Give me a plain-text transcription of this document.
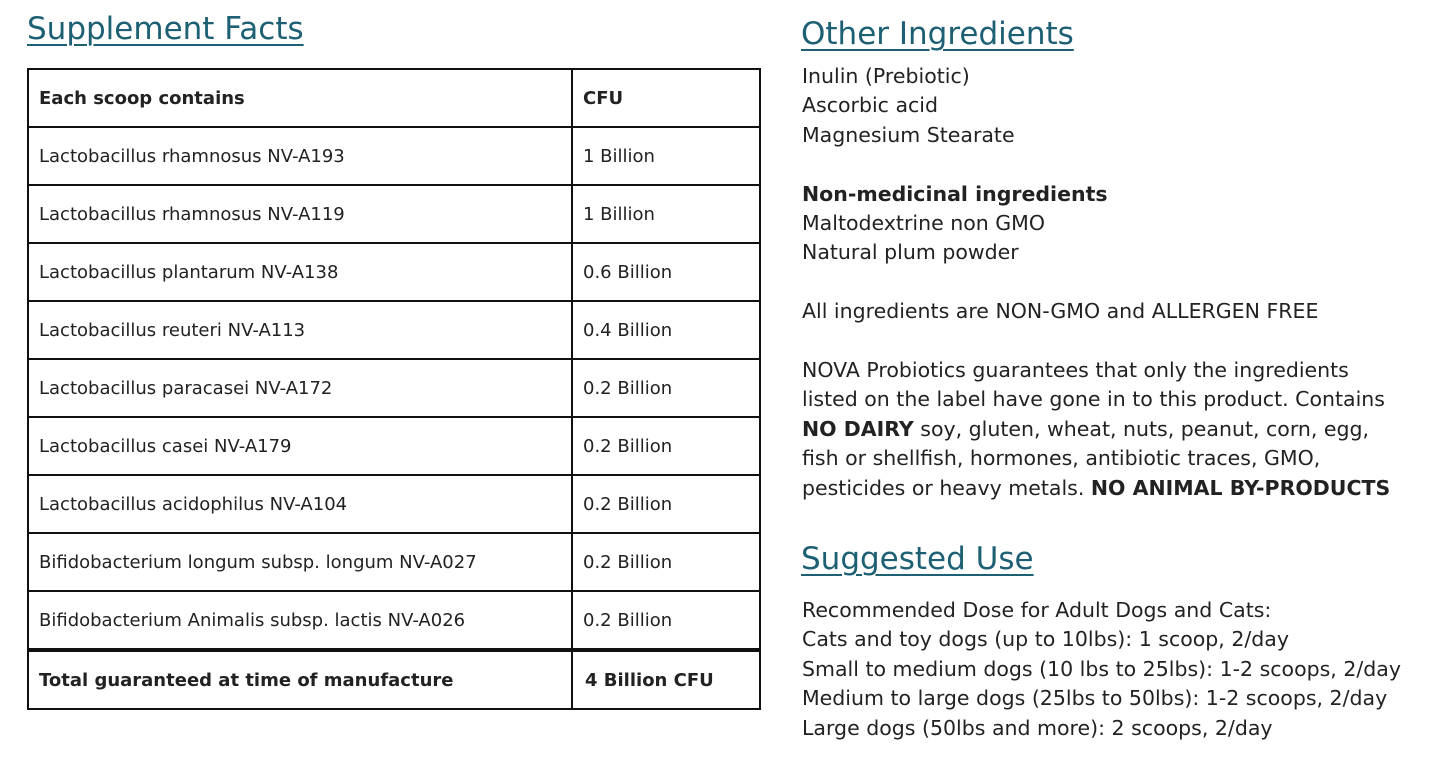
Supplement Facts
Each scoop contains	CFU
Lactobacillus rhamnosus NV-A193	1 Billion
Lactobacillus rhamnosus NV-A119	1 Billion
Lactobacillus plantarum NV-A138	0.6 Billion
Lactobacillus reuteri NV-A113	0.4 Billion
Lactobacillus paracasei NV-A172	0.2 Billion
Lactobacillus casei NV-A179	0.2 Billion
Lactobacillus acidophilus NV-A104	0.2 Billion
Bifidobacterium longum subsp. longum NV-A027	0.2 Billion
Bifidobacterium Animalis subsp. lactis NV-A026	0.2 Billion
Total guaranteed at time of manufacture	4 Billion CFU
Other Ingredients
Inulin (Prebiotic)
Ascorbic acid
Magnesium Stearate
Non-medicinal ingredients
Maltodextrine non GMO
Natural plum powder
All ingredients are NON-GMO and ALLERGEN FREE
NOVA Probiotics guarantees that only the ingredients
listed on the label have gone in to this product. Contains
NO DAIRY soy, gluten, wheat, nuts, peanut, corn, egg,
fish or shellfish, hormones, antibiotic traces, GMO,
pesticides or heavy metals. NO ANIMAL BY-PRODUCTS
Suggested Use
Recommended Dose for Adult Dogs and Cats:
Cats and toy dogs (up to 10lbs): 1 scoop, 2/day
Small to medium dogs (10 lbs to 25lbs): 1-2 scoops, 2/day
Medium to large dogs (25lbs to 50lbs): 1-2 scoops, 2/day
Large dogs (50lbs and more): 2 scoops, 2/day
